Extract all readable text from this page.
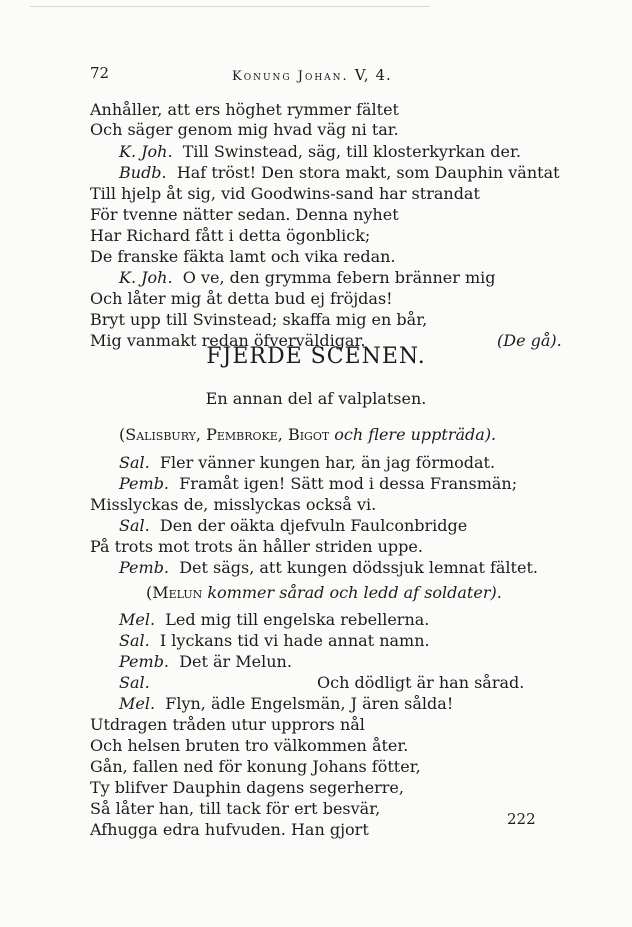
72	Konung Johan. V, 4.
Anhåller, att ers höghet rymmer fältet
Och säger genom mig hvad väg ni tar.
K. Joh. Till Swinstead, säg, till klosterkyrkan der.
Budb. Haf tröst! Den stora makt, som Dauphin väntat
Till hjelp åt sig, vid Goodwins-sand har strandat
För tvenne nätter sedan. Denna nyhet
Har Richard fått i detta ögonblick;
De franske fäkta lamt och vika redan.
K. Joh. O ve, den grymma febern bränner mig
Och låter mig åt detta bud ej fröjdas!
Bryt upp till Svinstead; skaffa mig en bår,
Mig vanmakt redan öfverväldigar.	(De gå).
FJERDE SCENEN.
En annan del af valplatsen.
(Salisbury, Pembroke, Bigot och flere uppträda).
Sal. Fler vänner kungen har, än jag förmodat.
Pemb. Framåt igen! Sätt mod i dessa Fransmän;
Misslyckas de, misslyckas också vi.
Sal. Den der oäkta djefvuln Faulconbridge
På trots mot trots än håller striden uppe.
Pemb. Det sägs, att kungen dödssjuk lemnat fältet.
(Melun kommer sårad och ledd af soldater).
Mel. Led mig till engelska rebellerna.
Sal. I lyckans tid vi hade annat namn.
Pemb. Det är Melun.
Sal.	Och dödligt är han sårad.
Mel. Flyn, ädle Engelsmän, J ären sålda!
Utdragen tråden utur upprors nål
Och helsen bruten tro välkommen åter.
Gån, fallen ned för konung Johans fötter,
Ty blifver Dauphin dagens segerherre,
Så låter han, till tack för ert besvär,
Afhugga edra hufvuden. Han gjort
222
